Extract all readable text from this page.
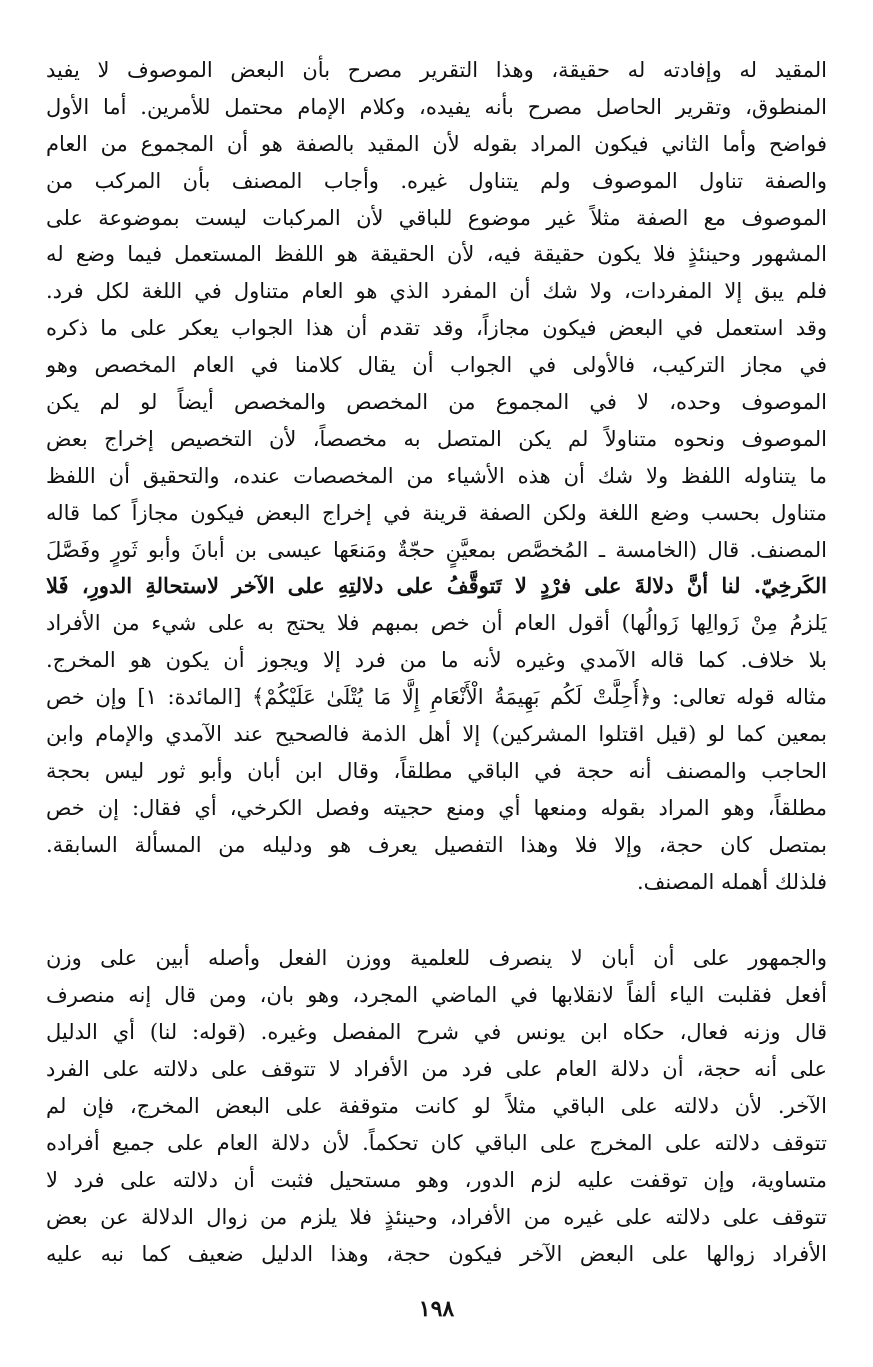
المقيد له وإفادته له حقيقة، وهذا التقرير مصرح بأن البعض الموصوف لا يفيد
المنطوق، وتقرير الحاصل مصرح بأنه يفيده، وكلام الإمام محتمل للأمرين. أما الأول
فواضح وأما الثاني فيكون المراد بقوله لأن المقيد بالصفة هو أن المجموع من العام
والصفة تناول الموصوف ولم يتناول غيره. وأجاب المصنف بأن المركب من
الموصوف مع الصفة مثلاً غير موضوع للباقي لأن المركبات ليست بموضوعة على
المشهور وحينئذٍ فلا يكون حقيقة فيه، لأن الحقيقة هو اللفظ المستعمل فيما وضع له
فلم يبق إلا المفردات، ولا شك أن المفرد الذي هو العام متناول في اللغة لكل فرد.
وقد استعمل في البعض فيكون مجازاً، وقد تقدم أن هذا الجواب يعكر على ما ذكره
في مجاز التركيب، فالأولى في الجواب أن يقال كلامنا في العام المخصص وهو
الموصوف وحده، لا في المجموع من المخصص والمخصص أيضاً لو لم يكن
الموصوف ونحوه متناولاً لم يكن المتصل به مخصصاً، لأن التخصيص إخراج بعض
ما يتناوله اللفظ ولا شك أن هذه الأشياء من المخصصات عنده، والتحقيق أن اللفظ
متناول بحسب وضع اللغة ولكن الصفة قرينة في إخراج البعض فيكون مجازاً كما قاله
المصنف. قال (الخامسة ـ المُخصَّص بمعيَّنٍ حجّةٌ ومَنعَها عيسى بن أبانَ وأبو ثَورٍ وفَصَّلَ
الكَرخِيّ. لنا أنَّ دلالةَ على فرْدٍ لا تَتوقَّفُ على دلالتِهِ على الآخر لاستحالةِ الدورِ، فَلا
يَلزمُ مِنْ زَوالِها زَوالُها) أقول العام أن خص بمبهم فلا يحتج به على شيء من الأفراد
بلا خلاف. كما قاله الآمدي وغيره لأنه ما من فرد إلا ويجوز أن يكون هو المخرج.
مثاله قوله تعالى: و﴿أُحِلَّتْ لَكُم بَهِيمَةُ الْأَنْعَامِ إِلَّا مَا يُتْلَىٰ عَلَيْكُمْ﴾ [المائدة: ١] وإن خص
بمعين كما لو (قيل اقتلوا المشركين) إلا أهل الذمة فالصحيح عند الآمدي والإمام وابن
الحاجب والمصنف أنه حجة في الباقي مطلقاً، وقال ابن أبان وأبو ثور ليس بحجة
مطلقاً، وهو المراد بقوله ومنعها أي ومنع حجيته وفصل الكرخي، أي فقال: إن خص
بمتصل كان حجة، وإلا فلا وهذا التفصيل يعرف هو ودليله من المسألة السابقة.
فلذلك أهمله المصنف.
والجمهور على أن أبان لا ينصرف للعلمية ووزن الفعل وأصله أبين على وزن
أفعل فقلبت الياء ألفاً لانقلابها في الماضي المجرد، وهو بان، ومن قال إنه منصرف
قال وزنه فعال، حكاه ابن يونس في شرح المفصل وغيره. (قوله: لنا) أي الدليل
على أنه حجة، أن دلالة العام على فرد من الأفراد لا تتوقف على دلالته على الفرد
الآخر. لأن دلالته على الباقي مثلاً لو كانت متوقفة على البعض المخرج، فإن لم
تتوقف دلالته على المخرج على الباقي كان تحكماً. لأن دلالة العام على جميع أفراده
متساوية، وإن توقفت عليه لزم الدور، وهو مستحيل فثبت أن دلالته على فرد لا
تتوقف على دلالته على غيره من الأفراد، وحينئذٍ فلا يلزم من زوال الدلالة عن بعض
الأفراد زوالها على البعض الآخر فيكون حجة، وهذا الدليل ضعيف كما نبه عليه
١٩٨
